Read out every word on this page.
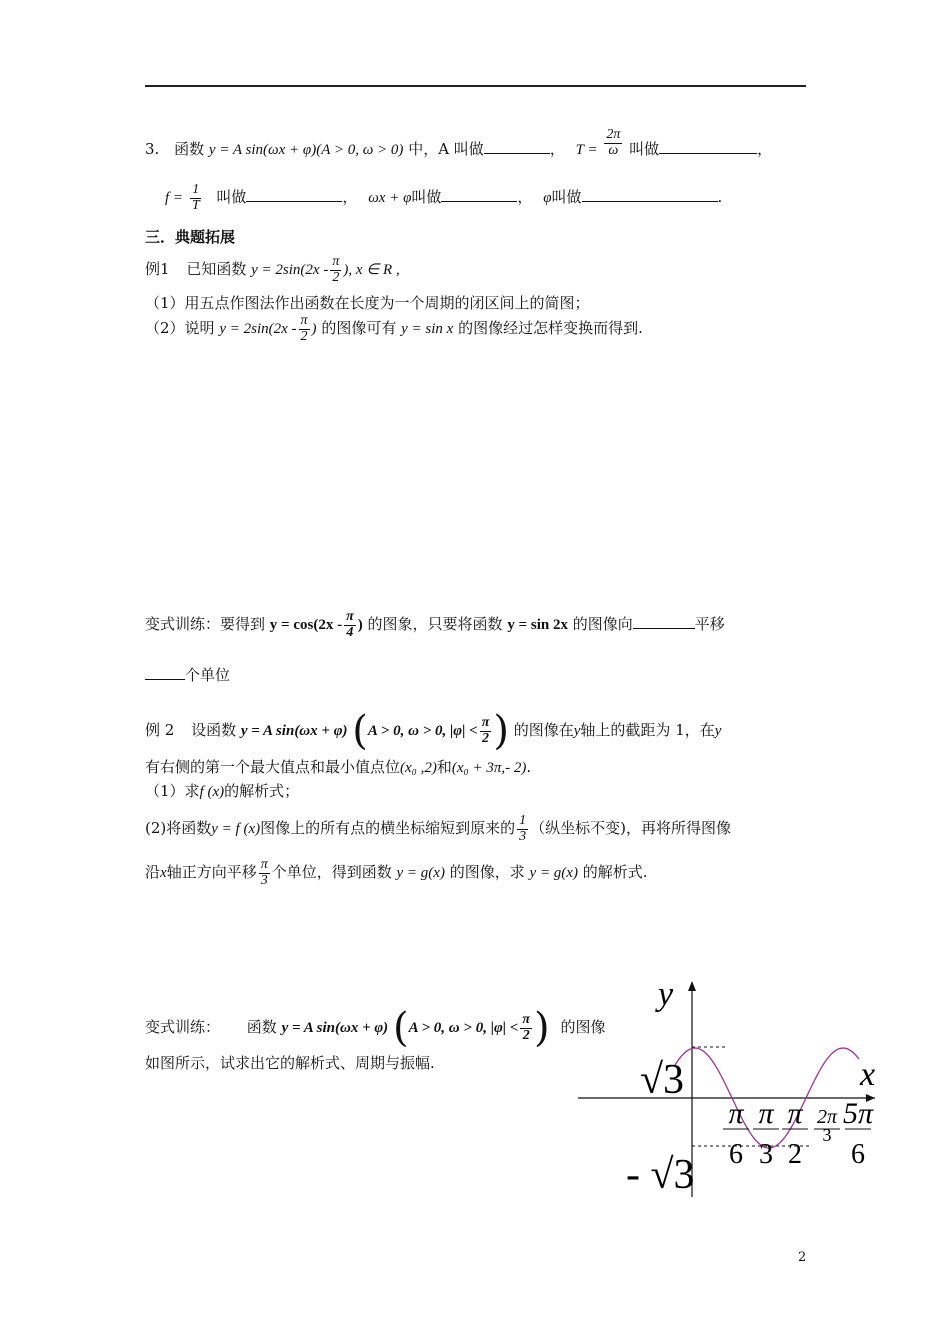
3. 函数 y = A sin(ωx + φ)(A > 0, ω > 0) 中，A 叫做	， $T = \frac{2\pi}{\omega}$ 叫做	，
$f = \frac{1}{T}$ 叫做	， ωx + φ叫做	， φ叫做	.
三．典题拓展
例1 已知函数 $y = 2\sin(2x - \frac{\pi}{2}$ ), x ∈ R ,
（1）用五点作图法作出函数在长度为一个周期的闭区间上的简图；
（2）说明 $y = 2\sin(2x - \frac{\pi}{2}$ ) 的图像可有 y = sin x 的图像经过怎样变换而得到.
变式训练：要得到 $y = \cos(2x - \frac{\pi}{4}$ ) 的图象，只要将函数 y = sin 2x 的图像向	平移
个单位
例 2 设函数 y = A sin(ωx + φ) (A > 0, ω > 0, $|\varphi| < \frac{\pi}{2}$ ) 的图像在y轴上的截距为 1，在y
有右侧的第一个最大值点和最小值点位(x₀ ,2)和(x₀ + 3π,- 2).
（1）求f (x)的解析式；
(2)将函数y = f (x)图像上的所有点的横坐标缩短到原来的 $\frac{1}{3}$ （纵坐标不变)，再将所得图像
沿x轴正方向平移 $\frac{\pi}{3}$ 个单位，得到函数 y = g(x) 的图像，求 y = g(x) 的解析式.
变式训练： 函数 y = A sin(ωx + φ) (A > 0, ω > 0, $|\varphi| < \frac{\pi}{2}$ ) 的图像
如图所示，试求出它的解析式、周期与振幅.
y
x
√3
- √3
π
6
π
3
π
2
2π
3
5π
6
2
